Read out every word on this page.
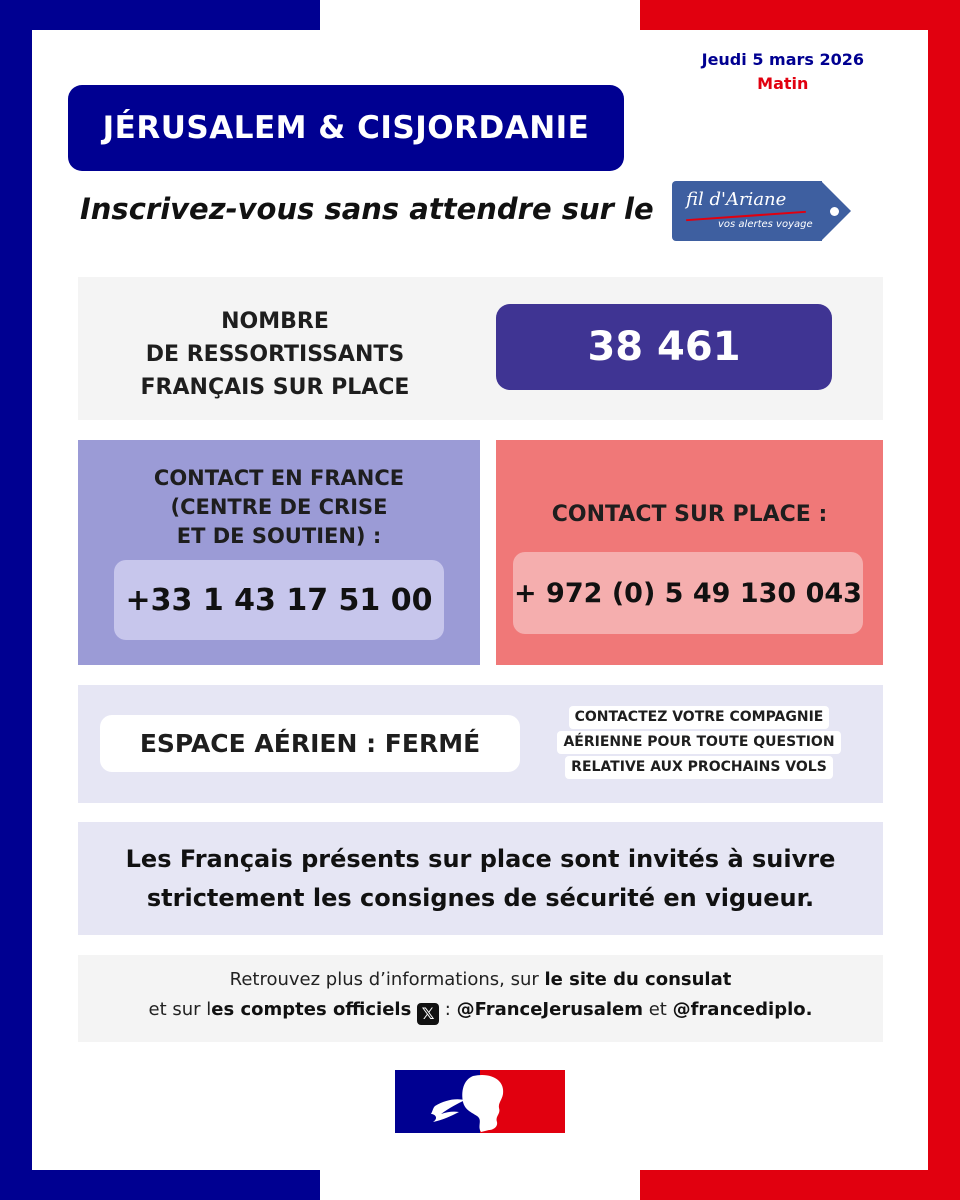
Jeudi 5 mars 2026
Matin
JÉRUSALEM & CISJORDANIE
Inscrivez-vous sans attendre sur le fil d'Ariane
vos alertes voyage
NOMBRE
DE RESSORTISSANTS
FRANÇAIS SUR PLACE
38 461
CONTACT EN FRANCE
(CENTRE DE CRISE
ET DE SOUTIEN) :
+33 1 43 17 51 00
CONTACT SUR PLACE :
+ 972 (0) 5 49 130 043
ESPACE AÉRIEN : FERMÉ
CONTACTEZ VOTRE COMPAGNIE
AÉRIENNE POUR TOUTE QUESTION
RELATIVE AUX PROCHAINS VOLS
Les Français présents sur place sont invités à suivre
strictement les consignes de sécurité en vigueur.
Retrouvez plus d’informations, sur le site du consulat
et sur les comptes officiels 𝕏 : @FranceJerusalem et @francediplo.
